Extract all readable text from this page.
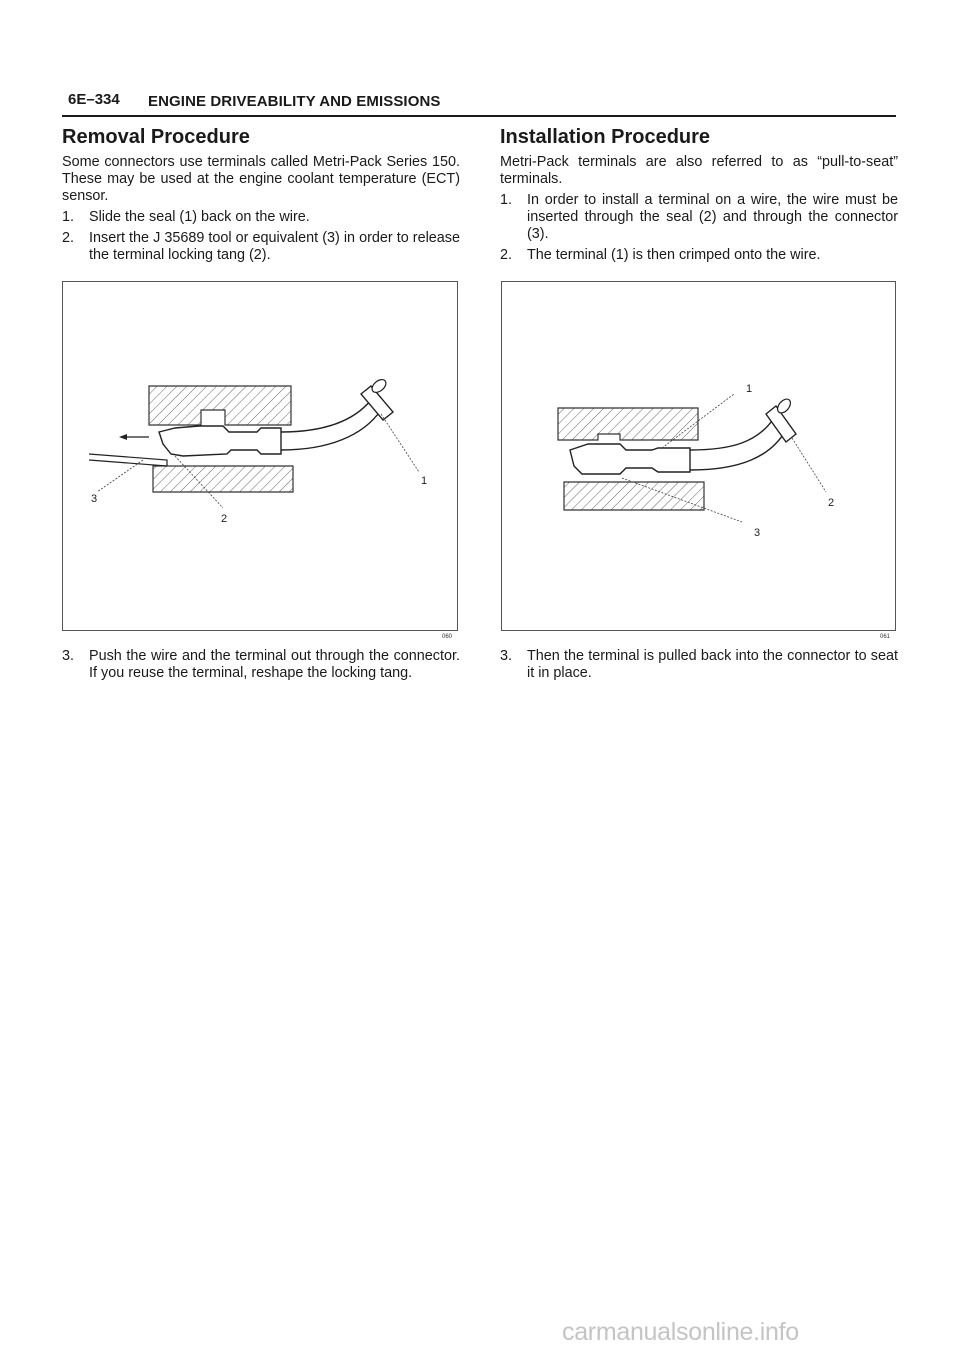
6E–334 ENGINE DRIVEABILITY AND EMISSIONS
Removal Procedure

Some connectors use terminals called Metri-Pack Series 150. These may be used at the engine coolant temperature (ECT) sensor.

1. Slide the seal (1) back on the wire.
2. Insert the J 35689 tool or equivalent (3) in order to release the terminal locking tang (2).
Installation Procedure

Metri-Pack terminals are also referred to as “pull-to-seat” terminals.

1. In order to install a terminal on a wire, the wire must be inserted through the seal (2) and through the connector (3).
2. The terminal (1) is then crimped onto the wire.
1
2
3
060
1
2
3
061
3. Push the wire and the terminal out through the connector. If you reuse the terminal, reshape the locking tang.
3. Then the terminal is pulled back into the connector to seat it in place.
carmanualsonline.info
